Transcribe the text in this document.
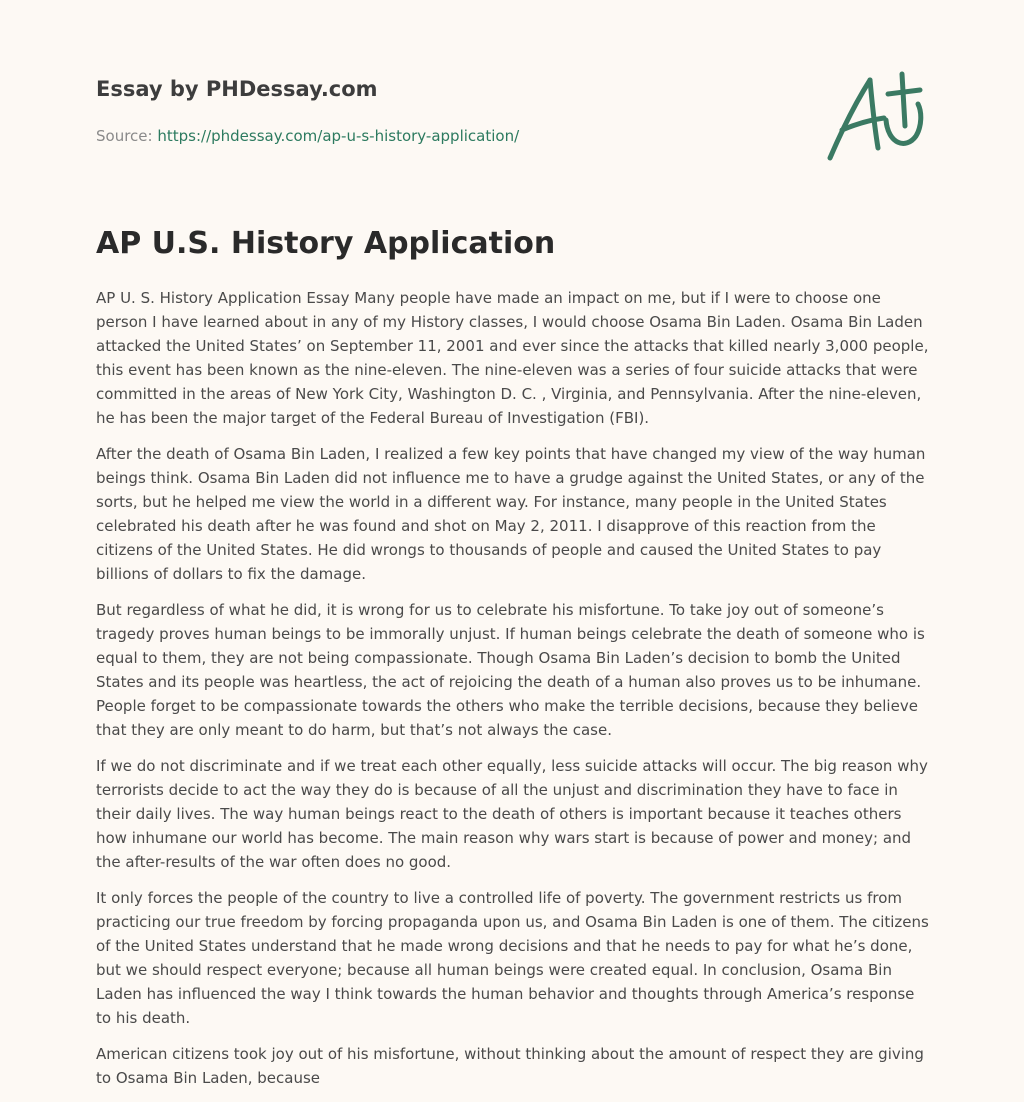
Essay by PHDessay.com
Source: https://phdessay.com/ap-u-s-history-application/
AP U.S. History Application

AP U. S. History Application Essay Many people have made an impact on me, but if I were to choose one person I have learned about in any of my History classes, I would choose Osama Bin Laden. Osama Bin Laden attacked the United States’ on September 11, 2001 and ever since the attacks that killed nearly 3,000 people, this event has been known as the nine-eleven. The nine-eleven was a series of four suicide attacks that were committed in the areas of New York City, Washington D. C. , Virginia, and Pennsylvania. After the nine-eleven, he has been the major target of the Federal Bureau of Investigation (FBI).

After the death of Osama Bin Laden, I realized a few key points that have changed my view of the way human beings think. Osama Bin Laden did not influence me to have a grudge against the United States, or any of the sorts, but he helped me view the world in a different way. For instance, many people in the United States celebrated his death after he was found and shot on May 2, 2011. I disapprove of this reaction from the citizens of the United States. He did wrongs to thousands of people and caused the United States to pay billions of dollars to fix the damage.

But regardless of what he did, it is wrong for us to celebrate his misfortune. To take joy out of someone’s tragedy proves human beings to be immorally unjust. If human beings celebrate the death of someone who is equal to them, they are not being compassionate. Though Osama Bin Laden’s decision to bomb the United States and its people was heartless, the act of rejoicing the death of a human also proves us to be inhumane. People forget to be compassionate towards the others who make the terrible decisions, because they believe that they are only meant to do harm, but that’s not always the case.

If we do not discriminate and if we treat each other equally, less suicide attacks will occur. The big reason why terrorists decide to act the way they do is because of all the unjust and discrimination they have to face in their daily lives. The way human beings react to the death of others is important because it teaches others how inhumane our world has become. The main reason why wars start is because of power and money; and the after-results of the war often does no good.

It only forces the people of the country to live a controlled life of poverty. The government restricts us from practicing our true freedom by forcing propaganda upon us, and Osama Bin Laden is one of them. The citizens of the United States understand that he made wrong decisions and that he needs to pay for what he’s done, but we should respect everyone; because all human beings were created equal. In conclusion, Osama Bin Laden has influenced the way I think towards the human behavior and thoughts through America’s response to his death.

American citizens took joy out of his misfortune, without thinking about the amount of respect they are giving to Osama Bin Laden, because
